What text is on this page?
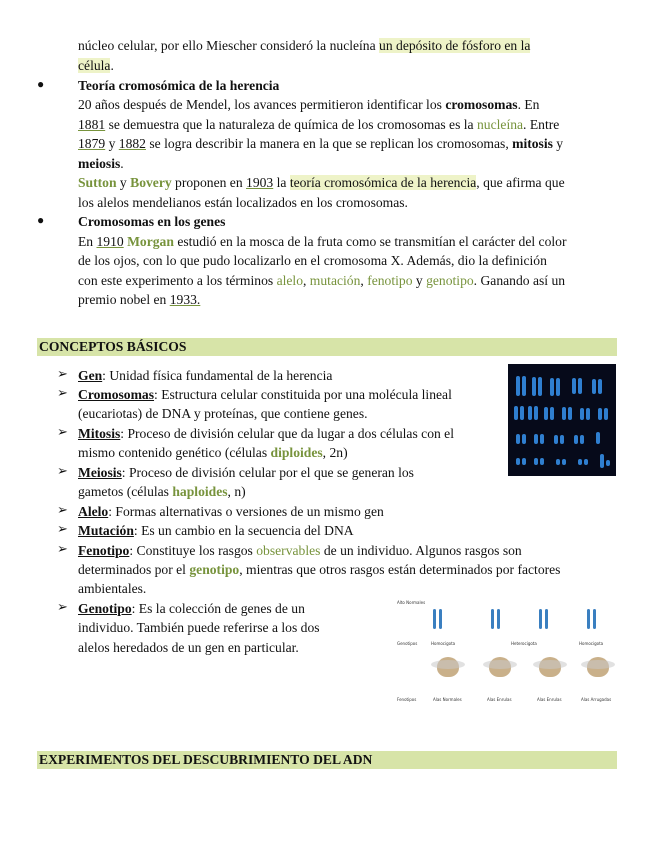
núcleo celular, por ello Miescher consideró la nucleína un depósito de fósforo en la
célula.
● Teoría cromosómica de la herencia
20 años después de Mendel, los avances permitieron identificar los cromosomas. En
1881 se demuestra que la naturaleza de química de los cromosomas es la nucleína. Entre
1879 y 1882 se logra describir la manera en la que se replican los cromosomas, mitosis y
meiosis.
Sutton y Bovery proponen en 1903 la teoría cromosómica de la herencia, que afirma que
los alelos mendelianos están localizados en los cromosomas.
● Cromosomas en los genes
En 1910 Morgan estudió en la mosca de la fruta como se transmitían el carácter del color
de los ojos, con lo que pudo localizarlo en el cromosoma X. Además, dio la definición
con este experimento a los términos alelo, mutación, fenotipo y genotipo. Ganando así un
premio nobel en 1933.
CONCEPTOS BÁSICOS
➢ Gen: Unidad física fundamental de la herencia
➢ Cromosomas: Estructura celular constituida por una molécula lineal
(eucariotas) de DNA y proteínas, que contiene genes.
➢ Mitosis: Proceso de división celular que da lugar a dos células con el
mismo contenido genético (células diploides, 2n)
➢ Meiosis: Proceso de división celular por el que se generan los
gametos (células haploides, n)
➢ Alelo: Formas alternativas o versiones de un mismo gen
➢ Mutación: Es un cambio en la secuencia del DNA
➢ Fenotipo: Constituye los rasgos observables de un individuo. Algunos rasgos son
determinados por el genotipo, mientras que otros rasgos están determinados por factores
ambientales.
➢ Genotipo: Es la colección de genes de un
individuo. También puede referirse a los dos
alelos heredados de un gen en particular.
Alto Normales
Genotipos	Homocigota	Heterocigota	Homocigota
Fenotipos	Alas Normales	Alas Enrulas	Alas Enrulas	Alas Arrugadas
EXPERIMENTOS DEL DESCUBRIMIENTO DEL ADN
